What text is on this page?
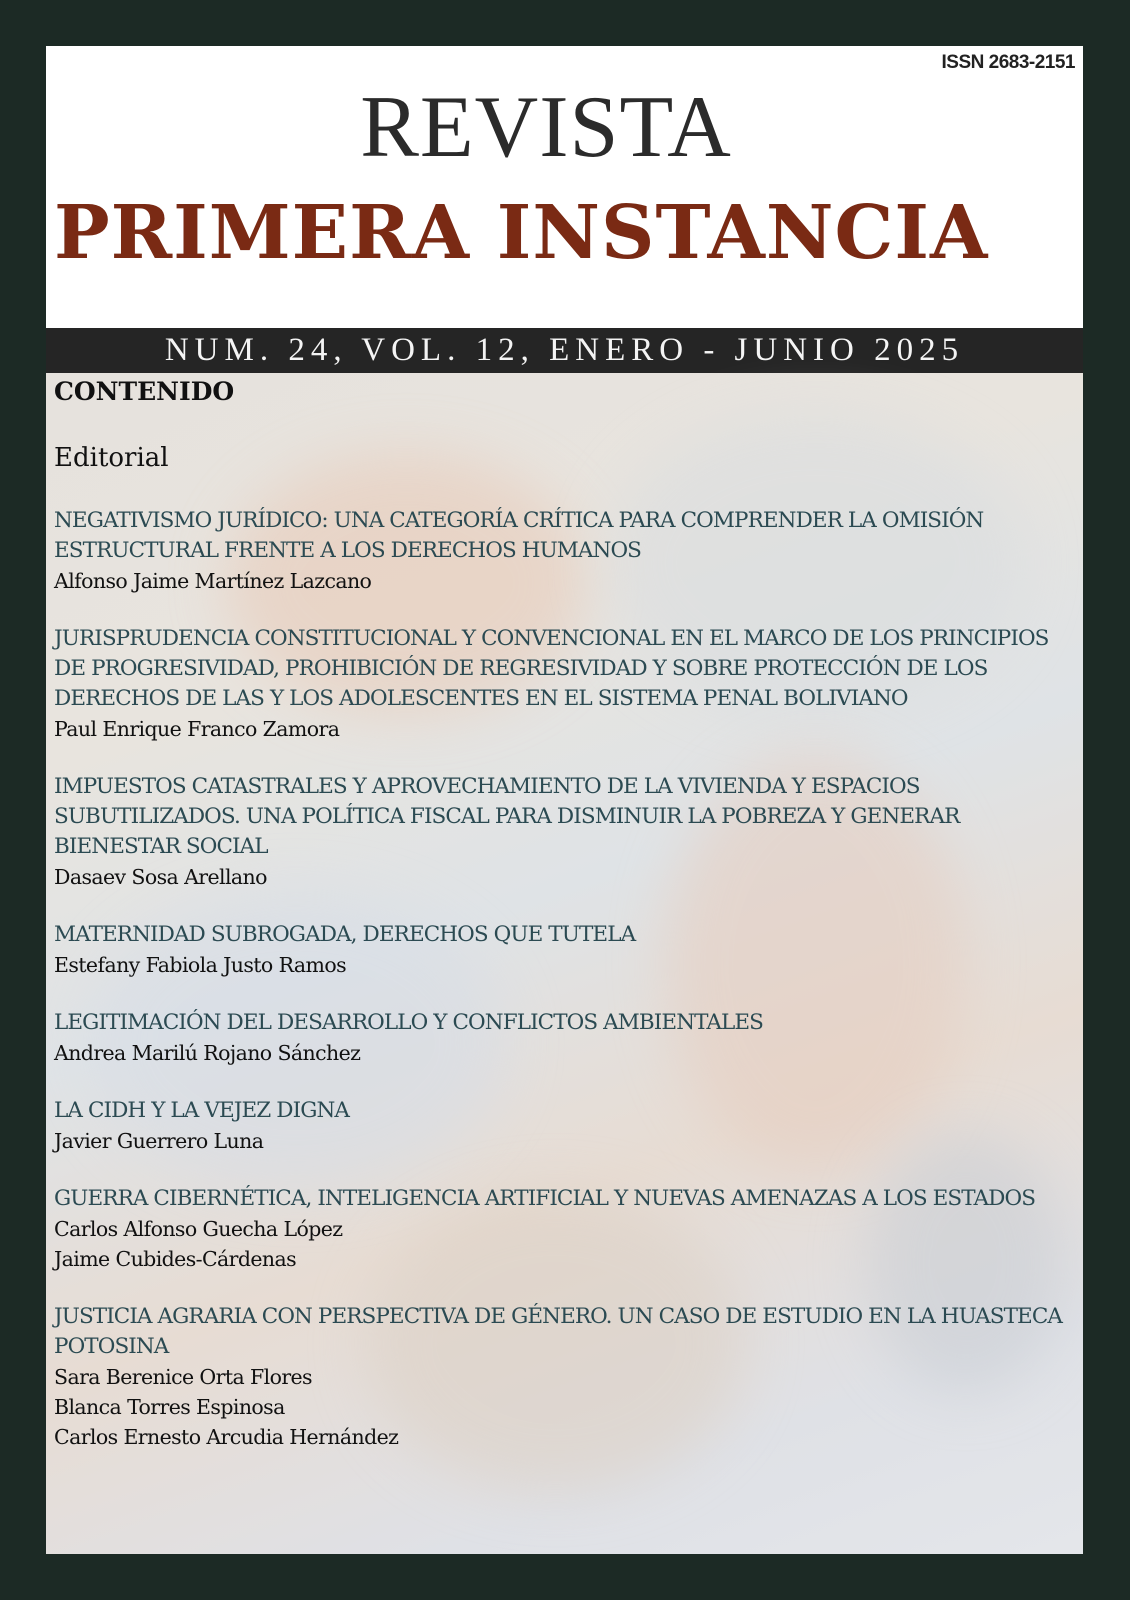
ISSN 2683-2151
REVISTA
PRIMERA INSTANCIA
NUM. 24, VOL. 12, ENERO - JUNIO 2025
CONTENIDO
Editorial
NEGATIVISMO JURÍDICO: UNA CATEGORÍA CRÍTICA PARA COMPRENDER LA OMISIÓN ESTRUCTURAL FRENTE A LOS DERECHOS HUMANOS
Alfonso Jaime Martínez Lazcano
JURISPRUDENCIA CONSTITUCIONAL Y CONVENCIONAL EN EL MARCO DE LOS PRINCIPIOS DE PROGRESIVIDAD, PROHIBICIÓN DE REGRESIVIDAD Y SOBRE PROTECCIÓN DE LOS DERECHOS DE LAS Y LOS ADOLESCENTES EN EL SISTEMA PENAL BOLIVIANO
Paul Enrique Franco Zamora
IMPUESTOS CATASTRALES Y APROVECHAMIENTO DE LA VIVIENDA Y ESPACIOS SUBUTILIZADOS. UNA POLÍTICA FISCAL PARA DISMINUIR LA POBREZA Y GENERAR BIENESTAR SOCIAL
Dasaev Sosa Arellano
MATERNIDAD SUBROGADA, DERECHOS QUE TUTELA
Estefany Fabiola Justo Ramos
LEGITIMACIÓN DEL DESARROLLO Y CONFLICTOS AMBIENTALES
Andrea Marilú Rojano Sánchez
LA CIDH Y LA VEJEZ DIGNA
Javier Guerrero Luna
GUERRA CIBERNÉTICA, INTELIGENCIA ARTIFICIAL Y NUEVAS AMENAZAS A LOS ESTADOS
Carlos Alfonso Guecha López
Jaime Cubides-Cárdenas
JUSTICIA AGRARIA CON PERSPECTIVA DE GÉNERO. UN CASO DE ESTUDIO EN LA HUASTECA POTOSINA
Sara Berenice Orta Flores
Blanca Torres Espinosa
Carlos Ernesto Arcudia Hernández
